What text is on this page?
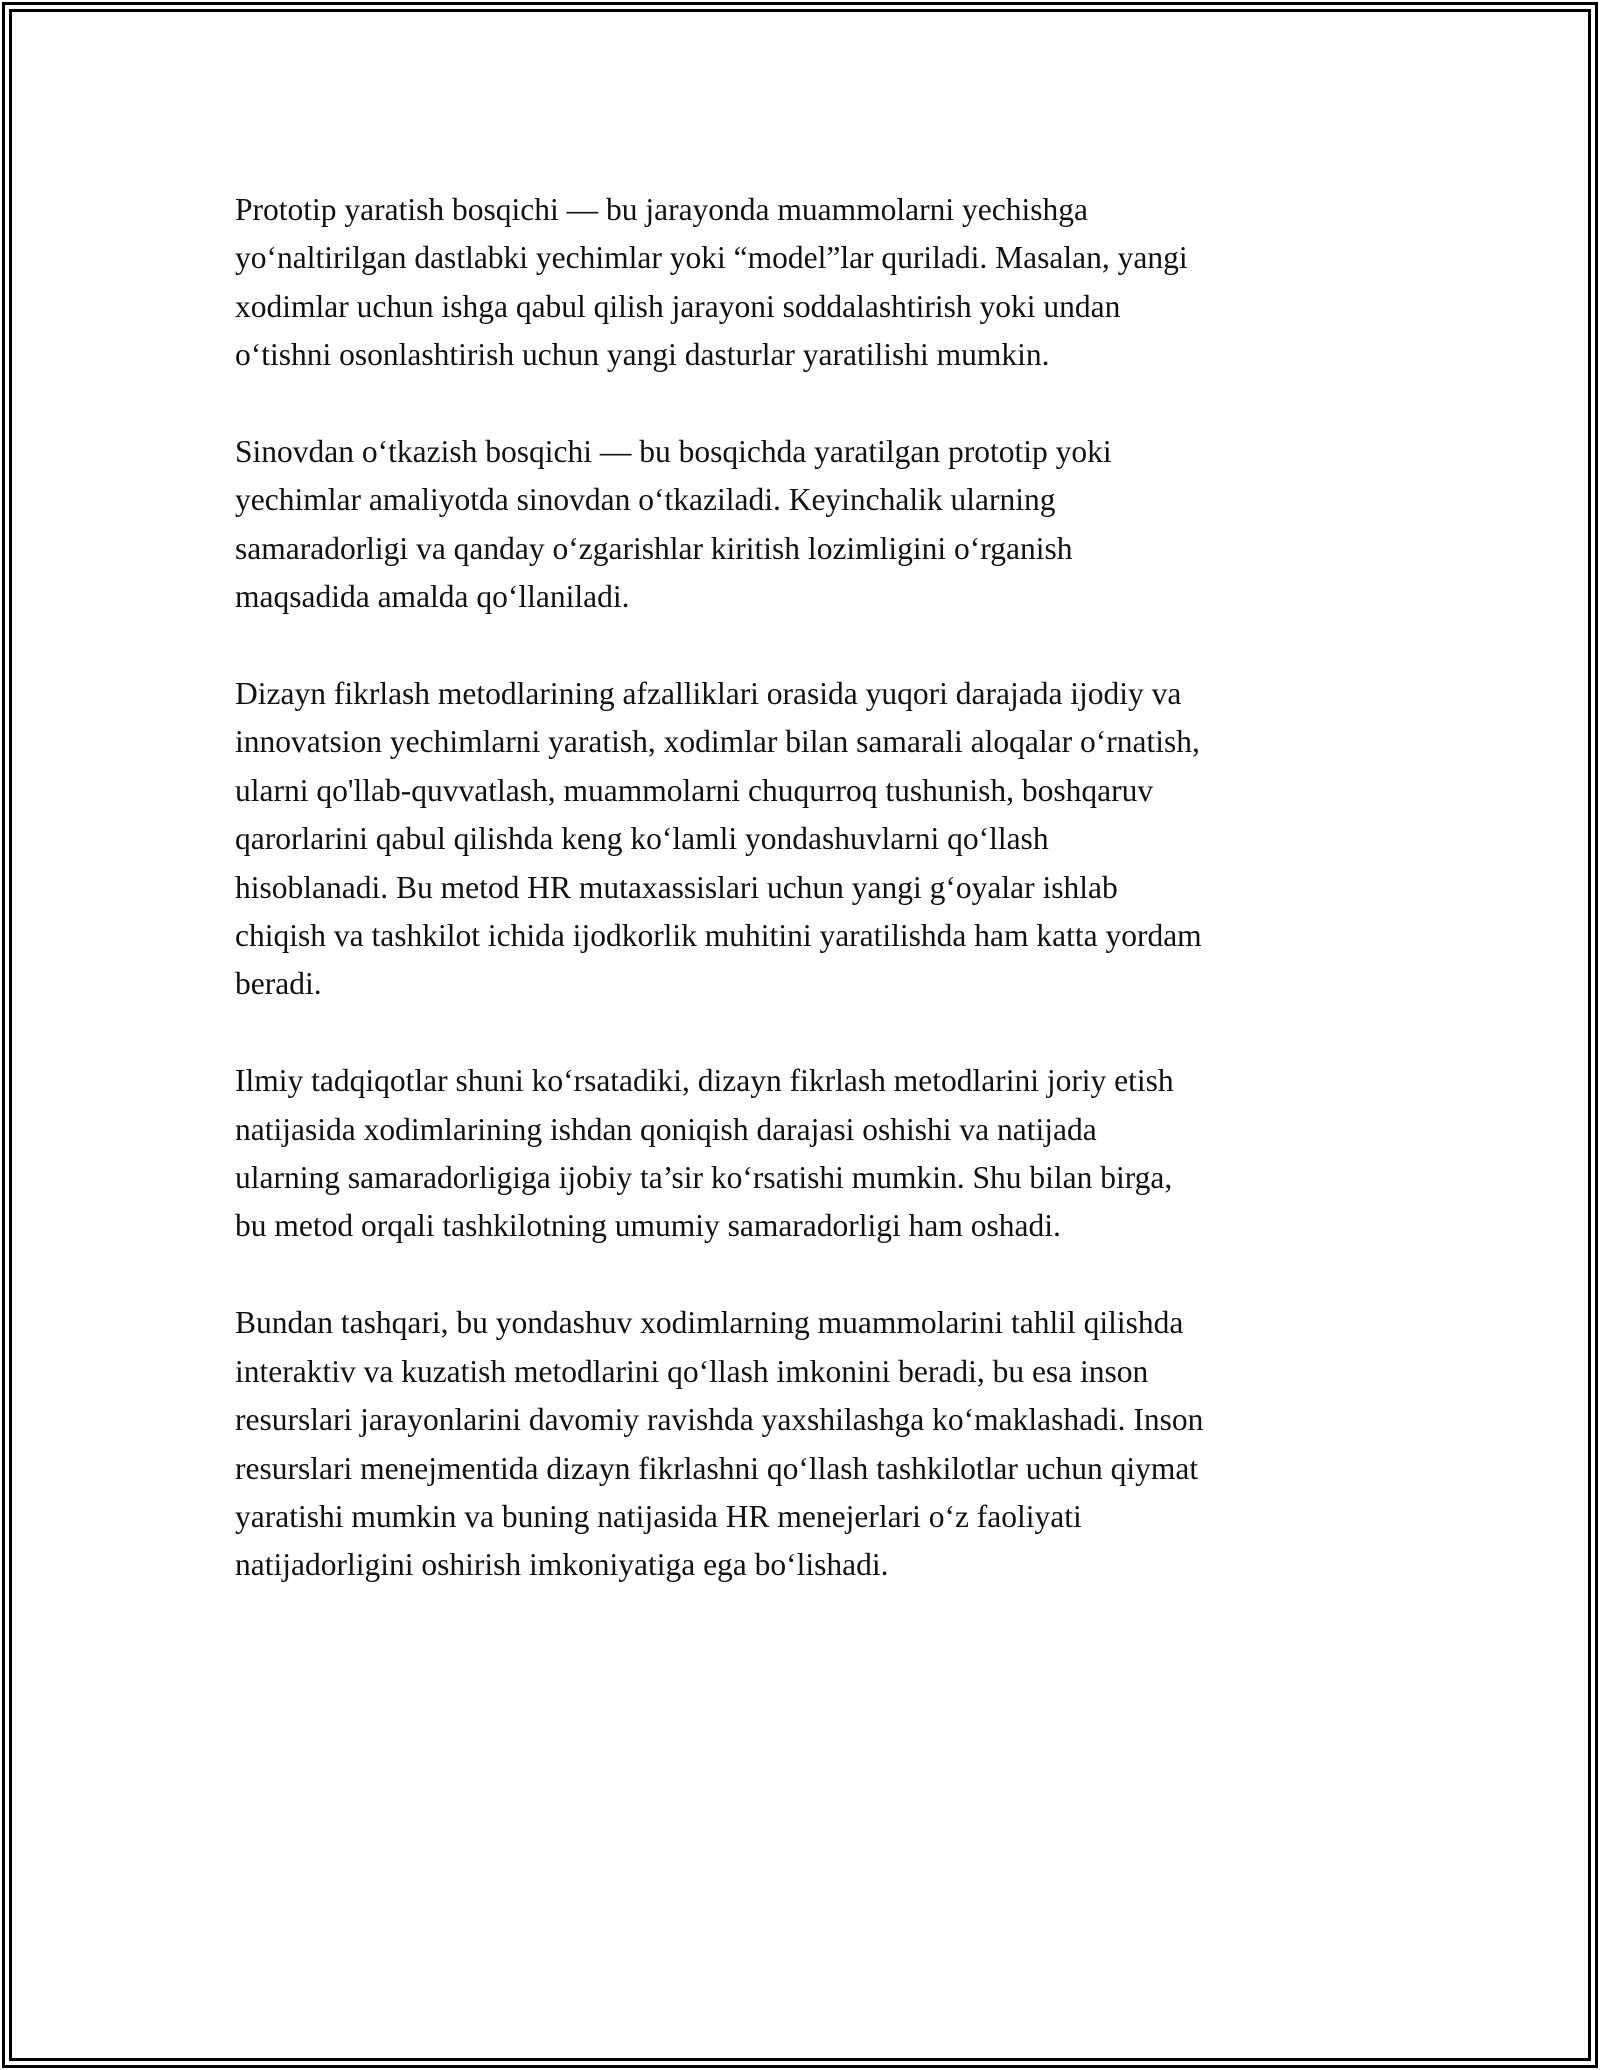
Prototip yaratish bosqichi — bu jarayonda muammolarni yechishga
yo‘naltirilgan dastlabki yechimlar yoki “model”lar quriladi. Masalan, yangi
xodimlar uchun ishga qabul qilish jarayoni soddalashtirish yoki undan
o‘tishni osonlashtirish uchun yangi dasturlar yaratilishi mumkin.

Sinovdan o‘tkazish bosqichi — bu bosqichda yaratilgan prototip yoki
yechimlar amaliyotda sinovdan o‘tkaziladi. Keyinchalik ularning
samaradorligi va qanday o‘zgarishlar kiritish lozimligini o‘rganish
maqsadida amalda qo‘llaniladi.

Dizayn fikrlash metodlarining afzalliklari orasida yuqori darajada ijodiy va
innovatsion yechimlarni yaratish, xodimlar bilan samarali aloqalar o‘rnatish,
ularni qo'llab-quvvatlash, muammolarni chuqurroq tushunish, boshqaruv
qarorlarini qabul qilishda keng ko‘lamli yondashuvlarni qo‘llash
hisoblanadi. Bu metod HR mutaxassislari uchun yangi g‘oyalar ishlab
chiqish va tashkilot ichida ijodkorlik muhitini yaratilishda ham katta yordam
beradi.

Ilmiy tadqiqotlar shuni ko‘rsatadiki, dizayn fikrlash metodlarini joriy etish
natijasida xodimlarining ishdan qoniqish darajasi oshishi va natijada
ularning samaradorligiga ijobiy ta’sir ko‘rsatishi mumkin. Shu bilan birga,
bu metod orqali tashkilotning umumiy samaradorligi ham oshadi.

Bundan tashqari, bu yondashuv xodimlarning muammolarini tahlil qilishda
interaktiv va kuzatish metodlarini qo‘llash imkonini beradi, bu esa inson
resurslari jarayonlarini davomiy ravishda yaxshilashga ko‘maklashadi. Inson
resurslari menejmentida dizayn fikrlashni qo‘llash tashkilotlar uchun qiymat
yaratishi mumkin va buning natijasida HR menejerlari o‘z faoliyati
natijadorligini oshirish imkoniyatiga ega bo‘lishadi.
